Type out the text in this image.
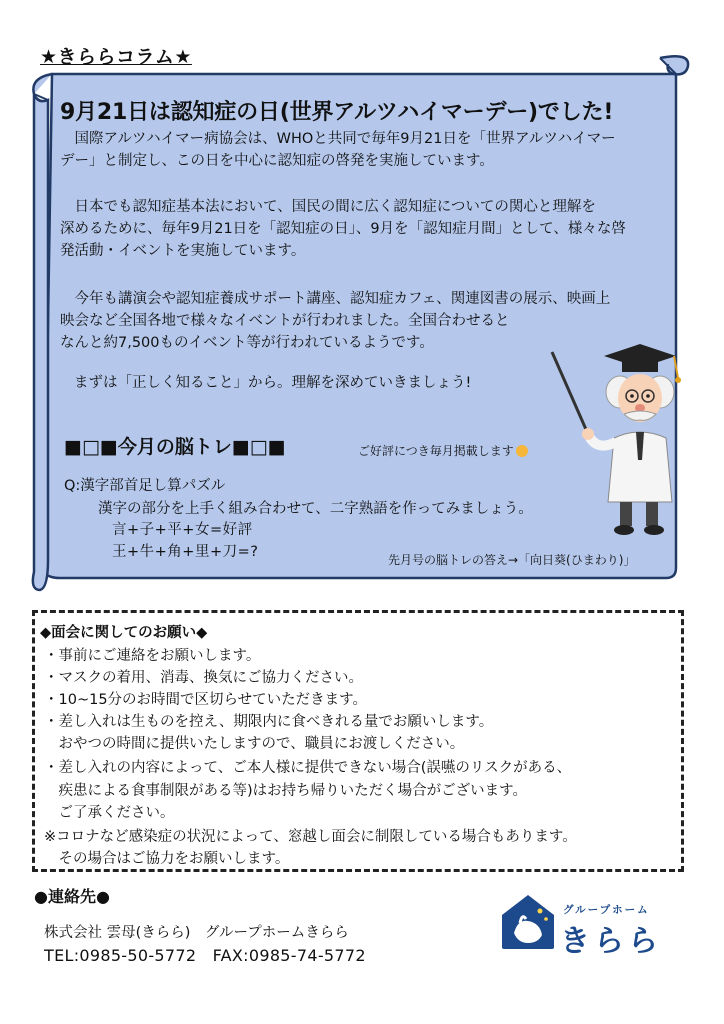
★きららコラム★
9月21日は認知症の日(世界アルツハイマーデー)でした!
　国際アルツハイマー病協会は、WHOと共同で毎年9月21日を「世界アルツハイマー
デー」と制定し、この日を中心に認知症の啓発を実施しています。
　日本でも認知症基本法において、国民の間に広く認知症についての関心と理解を
深めるために、毎年9月21日を「認知症の日」、9月を「認知症月間」として、様々な啓
発活動・イベントを実施しています。
　今年も講演会や認知症養成サポート講座、認知症カフェ、関連図書の展示、映画上
映会など全国各地で様々なイベントが行われました。全国合わせると
なんと約7,500ものイベント等が行われているようです。
まずは「正しく知ること」から。理解を深めていきましょう!
■□■今月の脳トレ■□■	ご好評につき毎月掲載します
Q:漢字部首足し算パズル
漢字の部分を上手く組み合わせて、二字熟語を作ってみましょう。
言+子+平+女=好評
王+牛+角+里+刀=?	先月号の脳トレの答え→「向日葵(ひまわり)」
◆面会に関してのお願い◆
・事前にご連絡をお願いします。
・マスクの着用、消毒、換気にご協力ください。
・10~15分のお時間で区切らせていただきます。
・差し入れは生ものを控え、期限内に食べきれる量でお願いします。
　おやつの時間に提供いたしますので、職員にお渡しください。
・差し入れの内容によって、ご本人様に提供できない場合(誤嚥のリスクがある、
　疾患による食事制限がある等)はお持ち帰りいただく場合がございます。
　ご了承ください。
※コロナなど感染症の状況によって、窓越し面会に制限している場合もあります。
　その場合はご協力をお願いします。
●連絡先●
株式会社 雲母(きらら)　グループホームきらら
TEL:0985-50-5772　FAX:0985-74-5772
グループホーム
きらら
